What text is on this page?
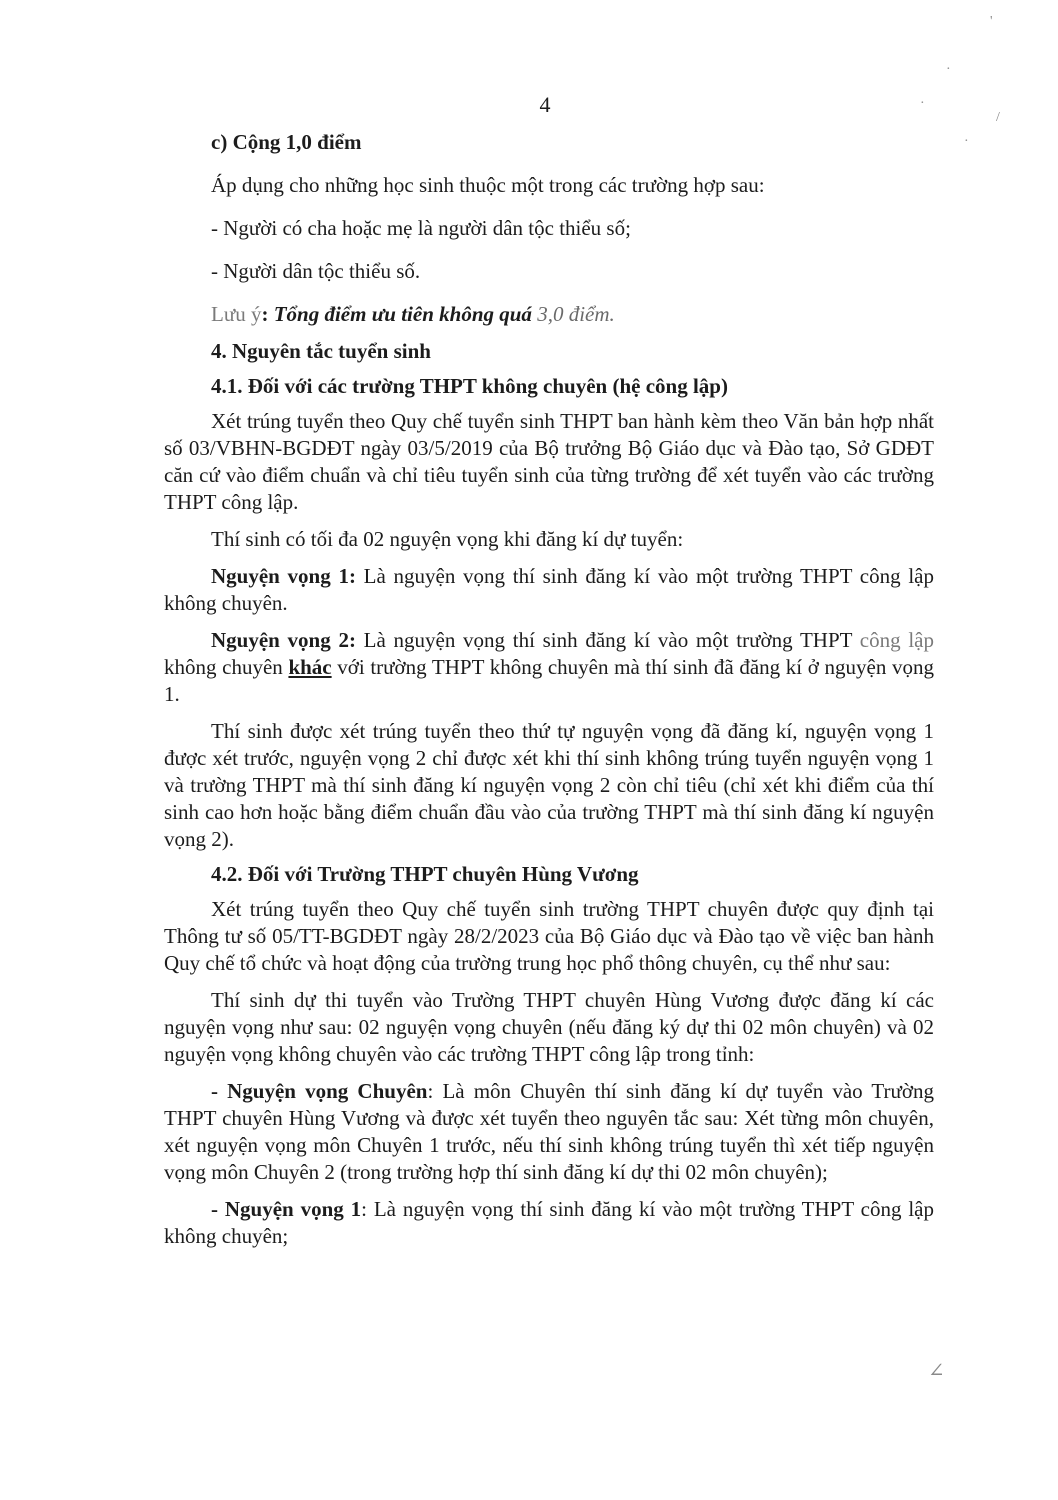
'
·
·
/
·
∠
4

c) Cộng 1,0 điểm

Áp dụng cho những học sinh thuộc một trong các trường hợp sau:

- Người có cha hoặc mẹ là người dân tộc thiểu số;

- Người dân tộc thiểu số.

Lưu ý: Tổng điểm ưu tiên không quá 3,0 điểm.

4. Nguyên tắc tuyển sinh

4.1. Đối với các trường THPT không chuyên (hệ công lập)

Xét trúng tuyển theo Quy chế tuyển sinh THPT ban hành kèm theo Văn bản hợp nhất số 03/VBHN-BGDĐT ngày 03/5/2019 của Bộ trưởng Bộ Giáo dục và Đào tạo, Sở GDĐT căn cứ vào điểm chuẩn và chỉ tiêu tuyển sinh của từng trường để xét tuyển vào các trường THPT công lập.

Thí sinh có tối đa 02 nguyện vọng khi đăng kí dự tuyển:

Nguyện vọng 1: Là nguyện vọng thí sinh đăng kí vào một trường THPT công lập không chuyên.

Nguyện vọng 2: Là nguyện vọng thí sinh đăng kí vào một trường THPT công lập không chuyên khác với trường THPT không chuyên mà thí sinh đã đăng kí ở nguyện vọng 1.

Thí sinh được xét trúng tuyển theo thứ tự nguyện vọng đã đăng kí, nguyện vọng 1 được xét trước, nguyện vọng 2 chỉ được xét khi thí sinh không trúng tuyển nguyện vọng 1 và trường THPT mà thí sinh đăng kí nguyện vọng 2 còn chỉ tiêu (chỉ xét khi điểm của thí sinh cao hơn hoặc bằng điểm chuẩn đầu vào của trường THPT mà thí sinh đăng kí nguyện vọng 2).

4.2. Đối với Trường THPT chuyên Hùng Vương

Xét trúng tuyển theo Quy chế tuyển sinh trường THPT chuyên được quy định tại Thông tư số 05/TT-BGDĐT ngày 28/2/2023 của Bộ Giáo dục và Đào tạo về việc ban hành Quy chế tổ chức và hoạt động của trường trung học phổ thông chuyên, cụ thể như sau:

Thí sinh dự thi tuyển vào Trường THPT chuyên Hùng Vương được đăng kí các nguyện vọng như sau: 02 nguyện vọng chuyên (nếu đăng ký dự thi 02 môn chuyên) và 02 nguyện vọng không chuyên vào các trường THPT công lập trong tỉnh:

- Nguyện vọng Chuyên: Là môn Chuyên thí sinh đăng kí dự tuyển vào Trường THPT chuyên Hùng Vương và được xét tuyển theo nguyên tắc sau: Xét từng môn chuyên, xét nguyện vọng môn Chuyên 1 trước, nếu thí sinh không trúng tuyển thì xét tiếp nguyện vọng môn Chuyên 2 (trong trường hợp thí sinh đăng kí dự thi 02 môn chuyên);

- Nguyện vọng 1: Là nguyện vọng thí sinh đăng kí vào một trường THPT công lập không chuyên;
